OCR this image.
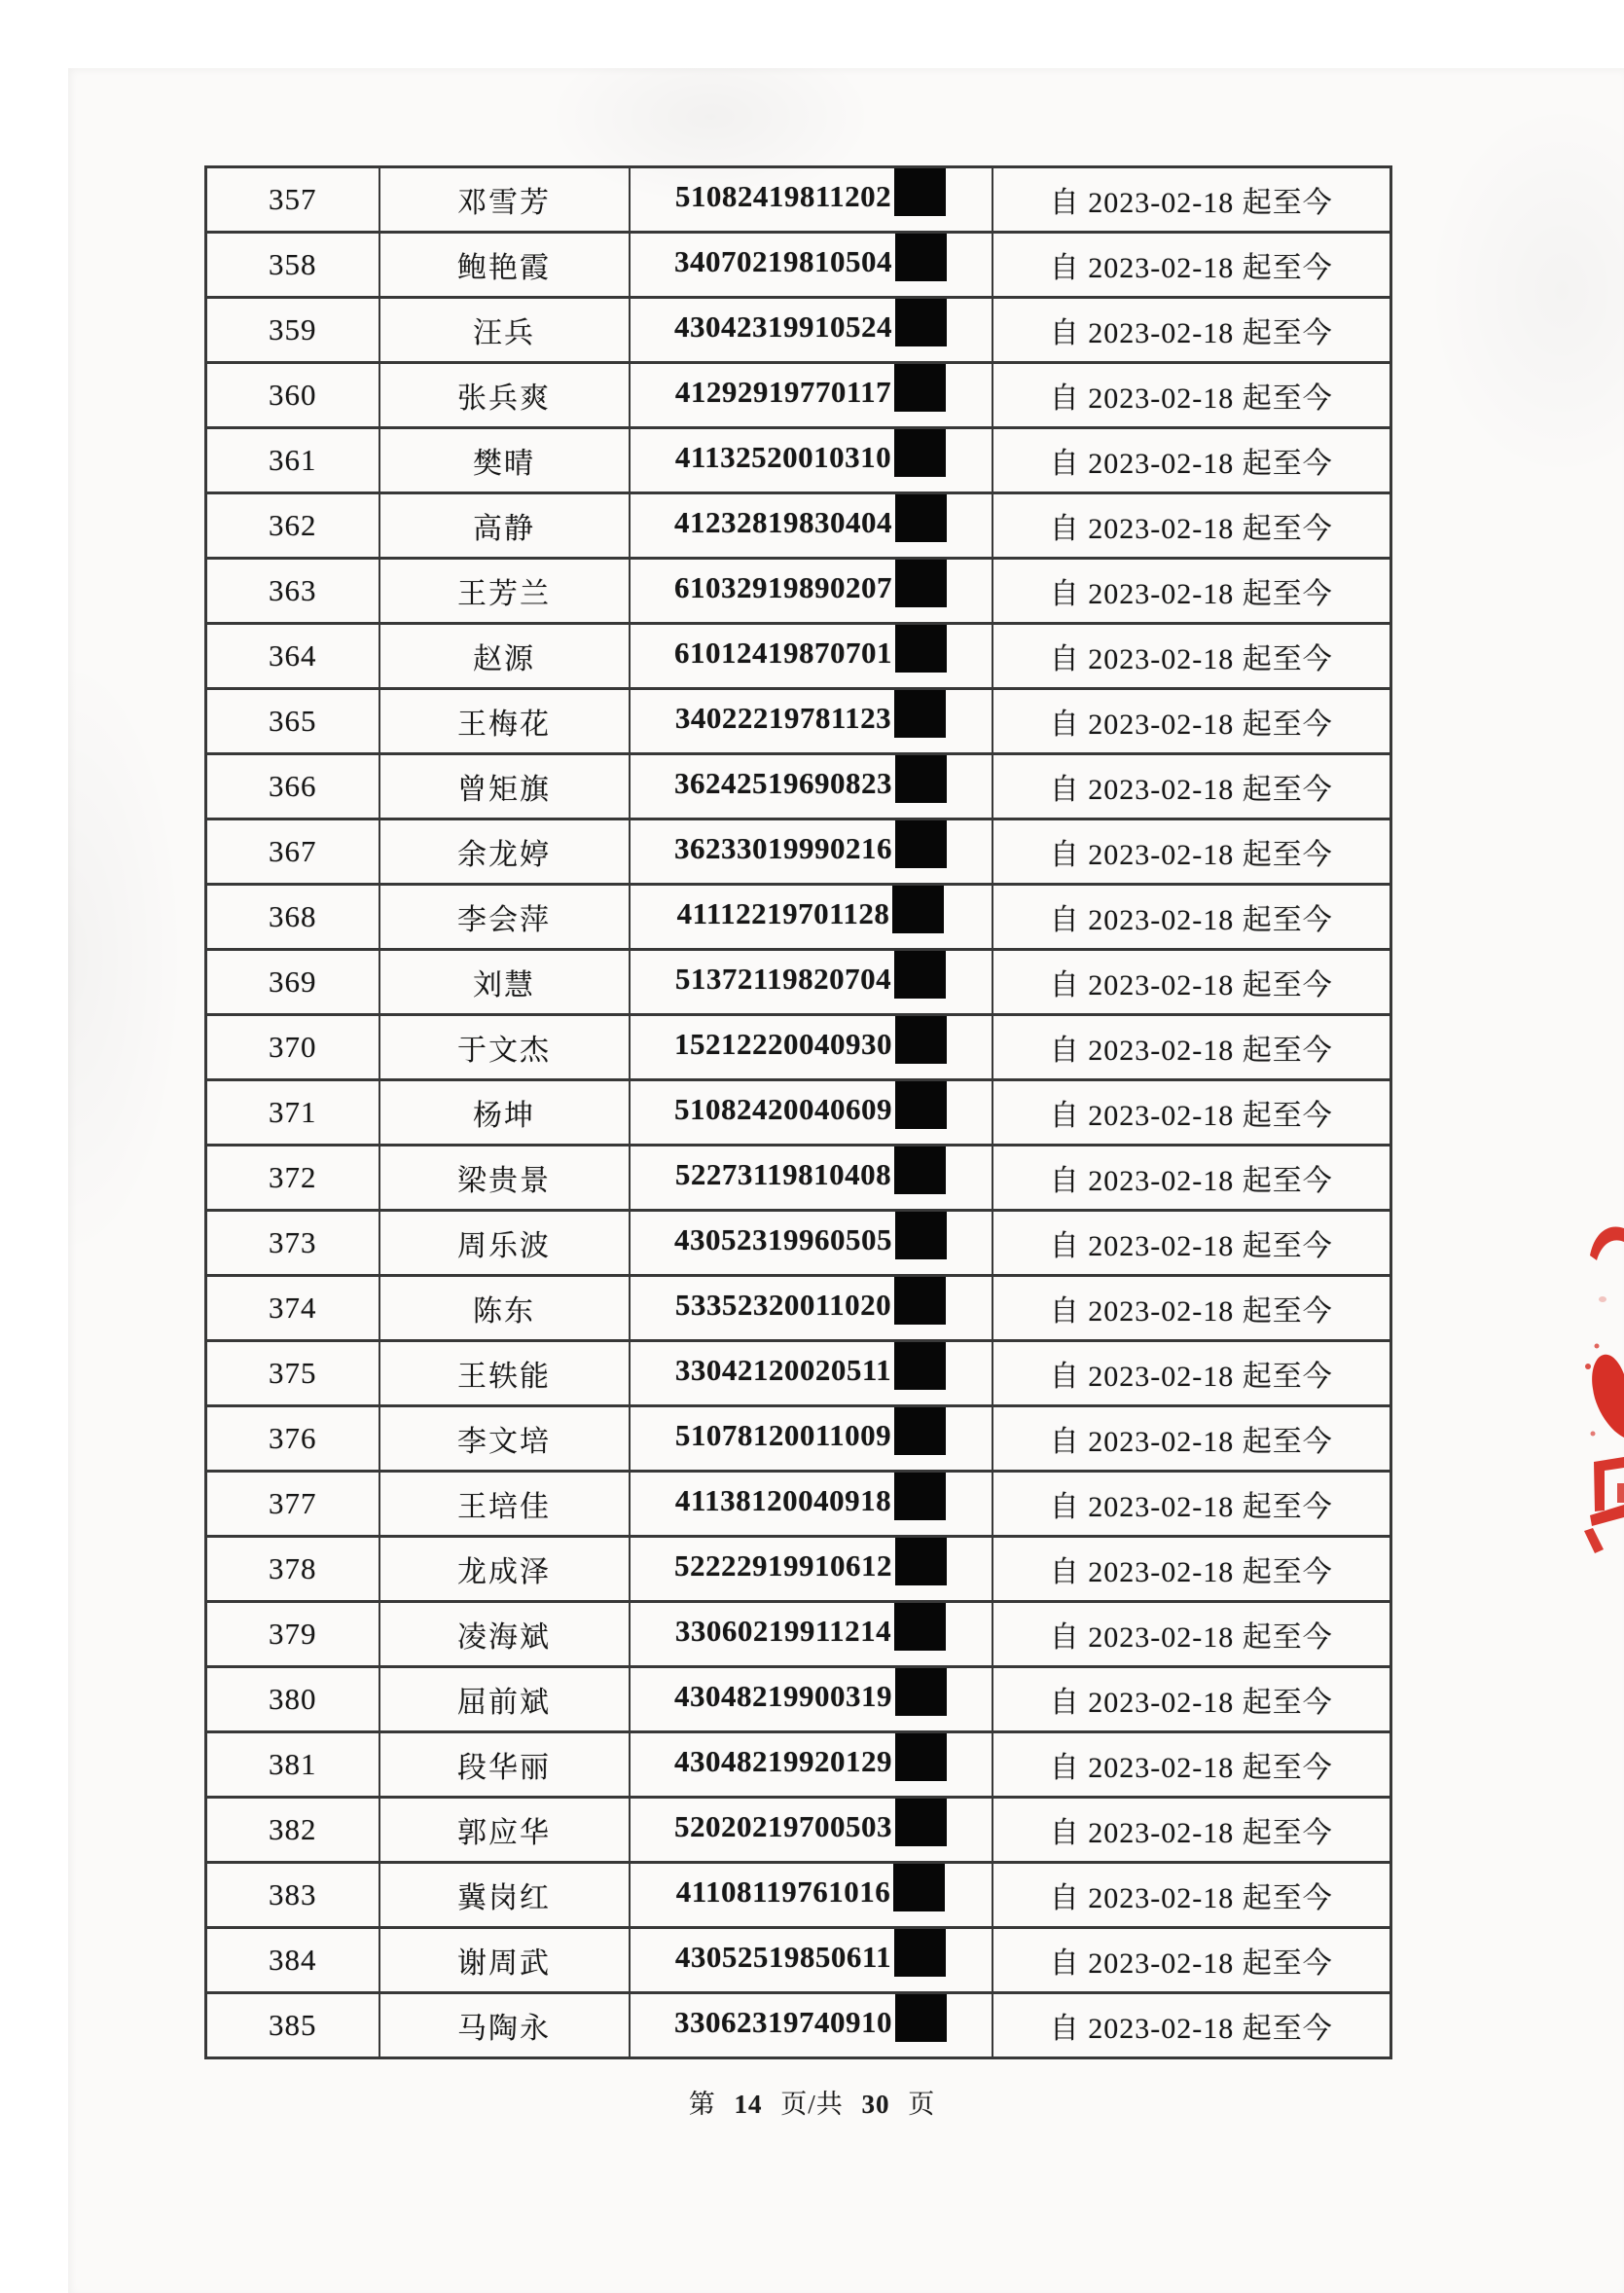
357	邓雪芳	51082419811202	自 2023-02-18 起至今
358	鲍艳霞	34070219810504	自 2023-02-18 起至今
359	汪兵	43042319910524	自 2023-02-18 起至今
360	张兵爽	41292919770117	自 2023-02-18 起至今
361	樊晴	41132520010310	自 2023-02-18 起至今
362	高静	41232819830404	自 2023-02-18 起至今
363	王芳兰	61032919890207	自 2023-02-18 起至今
364	赵源	61012419870701	自 2023-02-18 起至今
365	王梅花	34022219781123	自 2023-02-18 起至今
366	曾矩旗	36242519690823	自 2023-02-18 起至今
367	余龙婷	36233019990216	自 2023-02-18 起至今
368	李会萍	41112219701128	自 2023-02-18 起至今
369	刘慧	51372119820704	自 2023-02-18 起至今
370	于文杰	15212220040930	自 2023-02-18 起至今
371	杨坤	51082420040609	自 2023-02-18 起至今
372	梁贵景	52273119810408	自 2023-02-18 起至今
373	周乐波	43052319960505	自 2023-02-18 起至今
374	陈东	53352320011020	自 2023-02-18 起至今
375	王轶能	33042120020511	自 2023-02-18 起至今
376	李文培	51078120011009	自 2023-02-18 起至今
377	王培佳	41138120040918	自 2023-02-18 起至今
378	龙成泽	52222919910612	自 2023-02-18 起至今
379	凌海斌	33060219911214	自 2023-02-18 起至今
380	屈前斌	43048219900319	自 2023-02-18 起至今
381	段华丽	43048219920129	自 2023-02-18 起至今
382	郭应华	52020219700503	自 2023-02-18 起至今
383	冀岗红	41108119761016	自 2023-02-18 起至今
384	谢周武	43052519850611	自 2023-02-18 起至今
385	马陶永	33062319740910	自 2023-02-18 起至今
第 14 页/共 30 页
